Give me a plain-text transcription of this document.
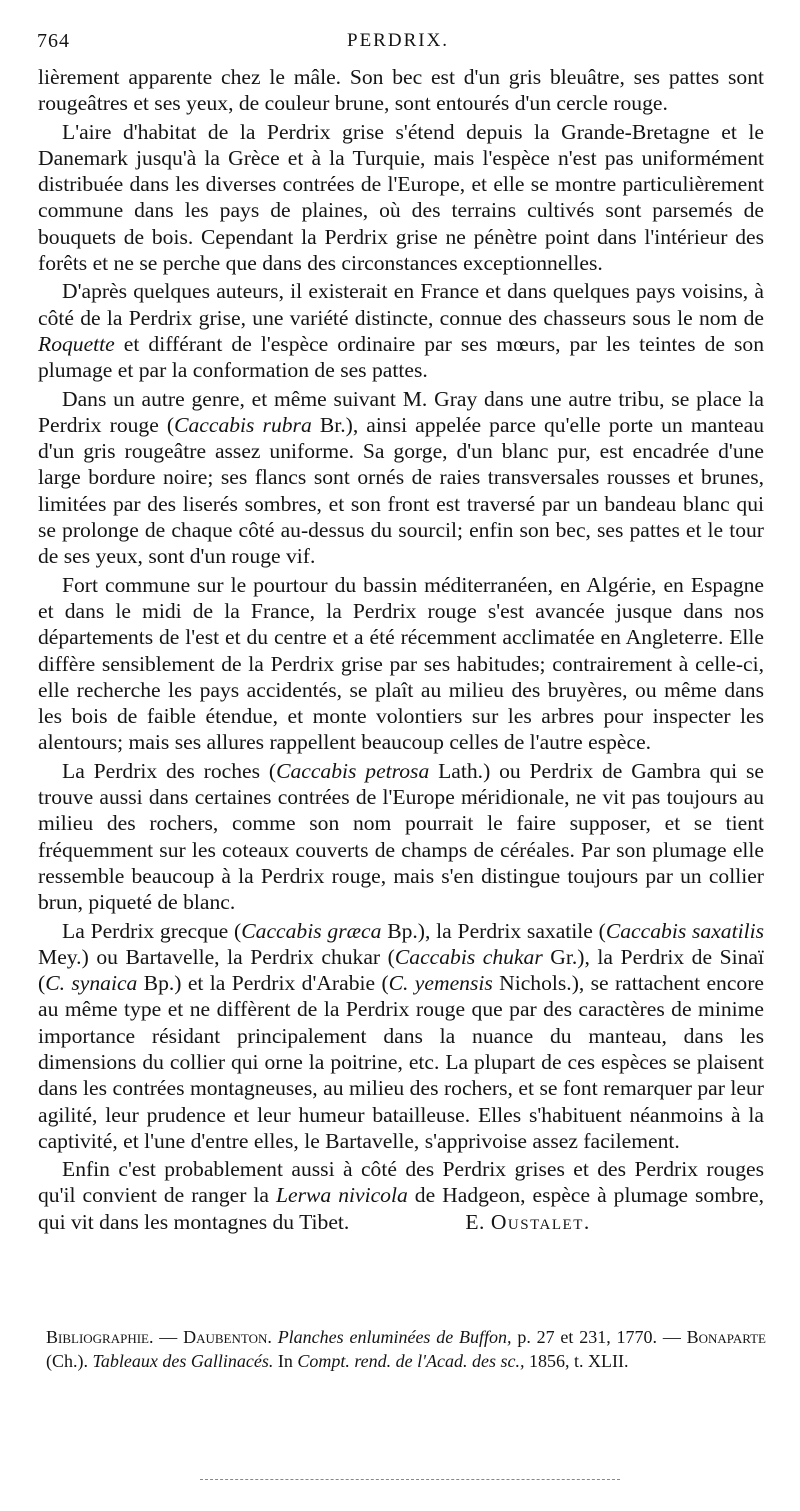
764	PERDRIX.

lièrement apparente chez le mâle. Son bec est d'un gris bleuâtre, ses pattes sont rougeâtres et ses yeux, de couleur brune, sont entourés d'un cercle rouge.

L'aire d'habitat de la Perdrix grise s'étend depuis la Grande-Bretagne et le Danemark jusqu'à la Grèce et à la Turquie, mais l'espèce n'est pas uniformément distribuée dans les diverses contrées de l'Europe, et elle se montre particulièrement commune dans les pays de plaines, où des terrains cultivés sont parsemés de bouquets de bois. Cependant la Perdrix grise ne pénètre point dans l'intérieur des forêts et ne se perche que dans des circonstances exceptionnelles.

D'après quelques auteurs, il existerait en France et dans quelques pays voisins, à côté de la Perdrix grise, une variété distincte, connue des chasseurs sous le nom de Roquette et différant de l'espèce ordinaire par ses mœurs, par les teintes de son plumage et par la conformation de ses pattes.

Dans un autre genre, et même suivant M. Gray dans une autre tribu, se place la Perdrix rouge (Caccabis rubra Br.), ainsi appelée parce qu'elle porte un manteau d'un gris rougeâtre assez uniforme. Sa gorge, d'un blanc pur, est encadrée d'une large bordure noire; ses flancs sont ornés de raies transversales rousses et brunes, limitées par des liserés sombres, et son front est traversé par un bandeau blanc qui se prolonge de chaque côté au-dessus du sourcil; enfin son bec, ses pattes et le tour de ses yeux, sont d'un rouge vif.

Fort commune sur le pourtour du bassin méditerranéen, en Algérie, en Espagne et dans le midi de la France, la Perdrix rouge s'est avancée jusque dans nos départements de l'est et du centre et a été récemment acclimatée en Angleterre. Elle diffère sensiblement de la Perdrix grise par ses habitudes; contrairement à celle-ci, elle recherche les pays accidentés, se plaît au milieu des bruyères, ou même dans les bois de faible étendue, et monte volontiers sur les arbres pour inspecter les alentours; mais ses allures rappellent beaucoup celles de l'autre espèce.

La Perdrix des roches (Caccabis petrosa Lath.) ou Perdrix de Gambra qui se trouve aussi dans certaines contrées de l'Europe méridionale, ne vit pas toujours au milieu des rochers, comme son nom pourrait le faire supposer, et se tient fréquemment sur les coteaux couverts de champs de céréales. Par son plumage elle ressemble beaucoup à la Perdrix rouge, mais s'en distingue toujours par un collier brun, piqueté de blanc.

La Perdrix grecque (Caccabis græca Bp.), la Perdrix saxatile (Caccabis saxatilis Mey.) ou Bartavelle, la Perdrix chukar (Caccabis chukar Gr.), la Perdrix de Sinaï (C. synaica Bp.) et la Perdrix d'Arabie (C. yemensis Nichols.), se rattachent encore au même type et ne diffèrent de la Perdrix rouge que par des caractères de minime importance résidant principalement dans la nuance du manteau, dans les dimensions du collier qui orne la poitrine, etc. La plupart de ces espèces se plaisent dans les contrées montagneuses, au milieu des rochers, et se font remarquer par leur agilité, leur prudence et leur humeur batailleuse. Elles s'habituent néanmoins à la captivité, et l'une d'entre elles, le Bartavelle, s'apprivoise assez facilement.

Enfin c'est probablement aussi à côté des Perdrix grises et des Perdrix rouges qu'il convient de ranger la Lerwa nivicola de Hadgeon, espèce à plumage sombre, qui vit dans les montagnes du Tibet.	E. Oustalet.

Bibliographie. — Daubenton. Planches enluminées de Buffon, p. 27 et 231, 1770. — Bonaparte (Ch.). Tableaux des Gallinacés. In Compt. rend. de l'Acad. des sc., 1856, t. XLII.
